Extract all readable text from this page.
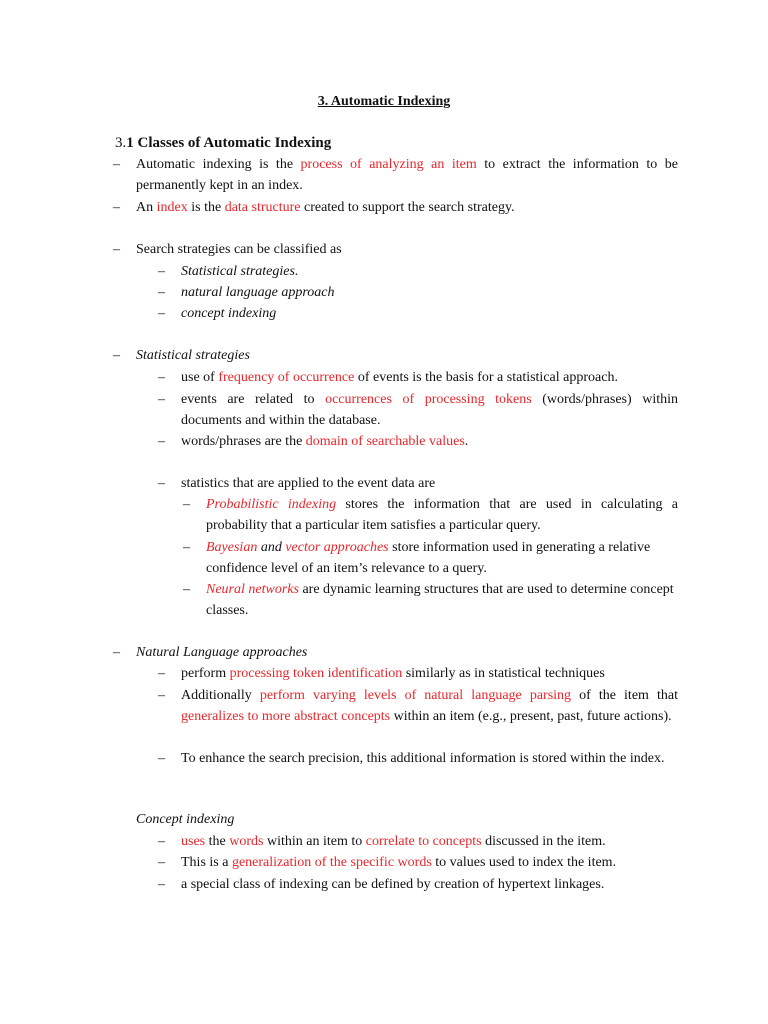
3. Automatic Indexing
3.1 Classes of Automatic Indexing
– Automatic indexing is the process of analyzing an item to extract the information to be permanently kept in an index.
– An index is the data structure created to support the search strategy.
– Search strategies can be classified as
– Statistical strategies.
– natural language approach
– concept indexing
– Statistical strategies
– use of frequency of occurrence of events is the basis for a statistical approach.
– events are related to occurrences of processing tokens (words/phrases) within documents and within the database.
– words/phrases are the domain of searchable values.
– statistics that are applied to the event data are
– Probabilistic indexing stores the information that are used in calculating a probability that a particular item satisfies a particular query.
– Bayesian and vector approaches store information used in generating a relative confidence level of an item’s relevance to a query.
– Neural networks are dynamic learning structures that are used to determine concept classes.
– Natural Language approaches
– perform processing token identification similarly as in statistical techniques
– Additionally perform varying levels of natural language parsing of the item that generalizes to more abstract concepts within an item (e.g., present, past, future actions).
– To enhance the search precision, this additional information is stored within the index.
Concept indexing
– uses the words within an item to correlate to concepts discussed in the item.
– This is a generalization of the specific words to values used to index the item.
– a special class of indexing can be defined by creation of hypertext linkages.
